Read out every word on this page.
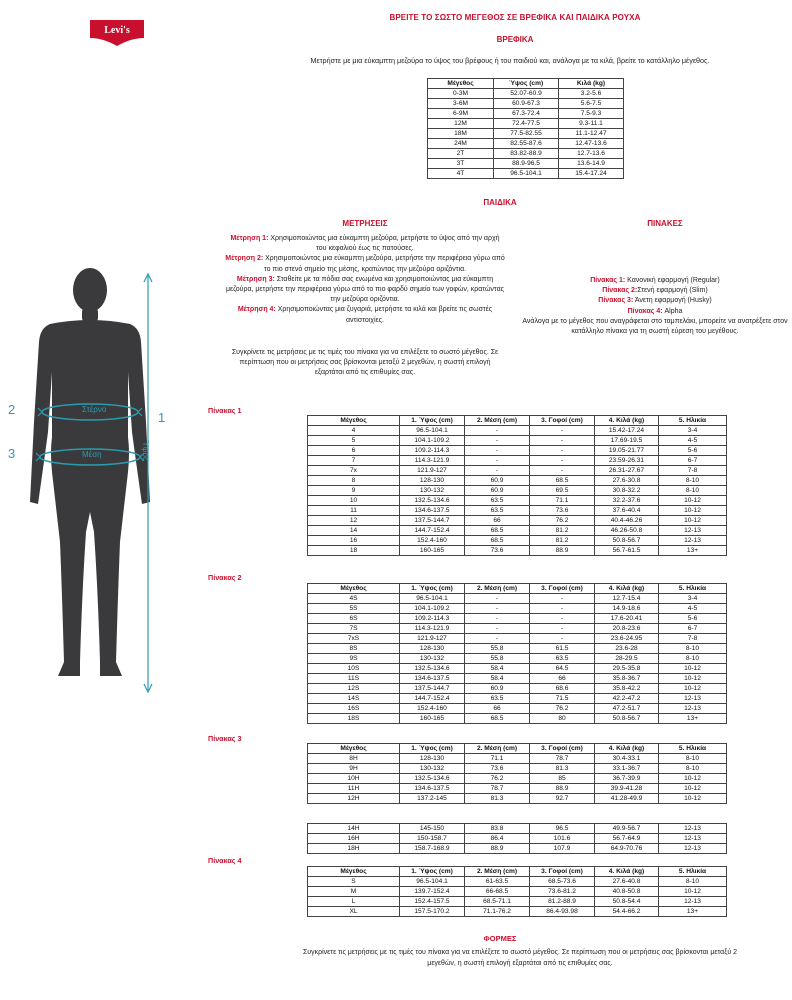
Levi's
ΒΡΕΙΤΕ ΤΟ ΣΩΣΤΟ ΜΕΓΕΘΟΣ ΣΕ ΒΡΕΦΙΚΑ ΚΑΙ ΠΑΙΔΙΚΑ ΡΟΥΧΑ
ΒΡΕΦΙΚΑ
Μετρήστε με μια εύκαμπτη μεζούρα το ύψος του βρέφους ή του παιδιού και, ανάλογα με τα κιλά, βρείτε το κατάλληλο μέγεθος.
Μέγεθος	Ύψος (cm)	Κιλά (kg)
0-3M	52.07-60.9	3.2-5.6
3-6M	60.9-67.3	5.6-7.5
6-9M	67.3-72.4	7.5-9.3
12M	72.4-77.5	9.3-11.1
18M	77.5-82.55	11.1-12.47
24M	82.55-87.6	12.47-13.6
2T	83.82-88.9	12.7-13.6
3T	88.9-96.5	13.6-14.9
4T	96.5-104.1	15.4-17.24
ΠΑΙΔΙΚΑ
ΜΕΤΡΗΣΕΙΣ	ΠΙΝΑΚΕΣ

Μέτρηση 1: Χρησιμοποιώντας μια εύκαμπτη μεζούρα, μετρήστε το ύψος από την αρχή του κεφαλιού έως τις πατούσες.

Μέτρηση 2: Χρησιμοποιώντας μια εύκαμπτη μεζούρα, μετρήστε την περιφέρεια γύρω από το πιο στενό σημείο της μέσης, κρατώντας την μεζούρα οριζόντια.

Μέτρηση 3: Σταθείτε με τα πόδια σας ενωμένα και χρησιμοποιώντας μια εύκαμπτη μεζούρα, μετρήστε την περιφέρεια γύρω από το πιο φαρδύ σημείο των γοφών, κρατώντας την μεζούρα οριζόντια.

Μέτρηση 4: Χρησιμοποιώντας μια ζυγαριά, μετρήστε τα κιλά και βρείτε τις σωστές αντιστοιχίες.

Συγκρίνετε τις μετρήσεις με τις τιμές του πίνακα για να επιλέξετε το σωστό μέγεθος. Σε περίπτωση που οι μετρήσεις σας βρίσκονται μεταξύ 2 μεγεθών, η σωστή επιλογή εξαρτάται από τις επιθυμίες σας.

Πίνακας 1: Κανονική εφαρμογή (Regular)

Πίνακας 2:Στενή εφαρμογή (Slim)

Πίνακας 3: Άνετη εφαρμογή (Husky)

Πίνακας 4: Alpha

Ανάλογα με το μέγεθος που αναγράφεται στο ταμπελάκι, μπορείτε να ανατρέξετε στον κατάλληλο πίνακα για τη σωστή εύρεση του μεγέθους.

2
3
Στέρνο
Μέση
1
Ύψος
Πίνακας 1
Πίνακας 2
Πίνακας 3
Πίνακας 4
Μέγεθος	1. Ύψος (cm)	2. Μέση (cm)	3. Γοφοί (cm)	4. Κιλά (kg)	5. Ηλικία
4	96.5-104.1	-	-	15.42-17.24	3-4
5	104.1-109.2	-	-	17.69-19.5	4-5
6	109.2-114.3	-	-	19.05-21.77	5-6
7	114.3-121.9	-	-	23.59-26.31	6-7
7x	121.9-127	-	-	26.31-27.67	7-8
8	128-130	60.9	68.5	27.6-30.8	8-10
9	130-132	60.9	69.5	30.8-32.2	8-10
10	132.5-134.6	63.5	71.1	32.2-37.6	10-12
11	134.6-137.5	63.5	73.6	37.6-40.4	10-12
12	137.5-144.7	66	76.2	40.4-46.26	10-12
14	144.7-152.4	68.5	81.2	46.26-50.8	12-13
16	152.4-160	68.5	81.2	50.8-56.7	12-13
18	160-165	73.6	88.9	56.7-61.5	13+
Μέγεθος	1. Ύψος (cm)	2. Μέση (cm)	3. Γοφοί (cm)	4. Κιλά (kg)	5. Ηλικία
4S	96.5-104.1	-	-	12.7-15.4	3-4
5S	104.1-109.2	-	-	14.9-18.6	4-5
6S	109.2-114.3	-	-	17.6-20.41	5-6
7S	114.3-121.9	-	-	20.8-23.6	6-7
7xS	121.9-127	-	-	23.6-24.95	7-8
8S	128-130	55.8	61.5	23.6-28	8-10
9S	130-132	55.8	63.5	28-29.5	8-10
10S	132.5-134.6	58.4	64.5	29.5-35.8	10-12
11S	134.6-137.5	58.4	66	35.8-36.7	10-12
12S	137.5-144.7	60.9	68.6	35.8-42.2	10-12
14S	144.7-152.4	63.5	71.5	42.2-47.2	12-13
16S	152.4-160	66	76.2	47.2-51.7	12-13
18S	160-165	68.5	80	50.8-56.7	13+
Μέγεθος	1. Ύψος (cm)	2. Μέση (cm)	3. Γοφοί (cm)	4. Κιλά (kg)	5. Ηλικία
8H	128-130	71.1	78.7	30.4-33.1	8-10
9H	130-132	73.6	81.3	33.1-36.7	8-10
10H	132.5-134.6	76.2	85	36.7-39.9	10-12
11H	134.6-137.5	78.7	88.9	39.9-41.28	10-12
12H	137.2-145	81.3	92.7	41.28-49.9	10-12
14H	145-150	83.8	96.5	49.9-56.7	12-13
16H	150-158.7	86.4	101.6	56.7-64.9	12-13
18H	158.7-168.9	88.9	107.9	64.9-70.76	12-13
Μέγεθος	1. Ύψος (cm)	2. Μέση (cm)	3. Γοφοί (cm)	4. Κιλά (kg)	5. Ηλικία
S	96.5-104.1	61-63.5	68.5-73.6	27.6-40.8	8-10
M	139.7-152.4	66-68.5	73.6-81.2	40.8-50.8	10-12
L	152.4-157.5	68.5-71.1	81.2-88.9	50.8-54.4	12-13
XL	157.5-170.2	71.1-76.2	86.4-93.98	54.4-66.2	13+
ΦΟΡΜΕΣ
Συγκρίνετε τις μετρήσεις με τις τιμές του πίνακα για να επιλέξετε το σωστό μέγεθος. Σε περίπτωση που οι μετρήσεις σας βρίσκονται μεταξύ 2 μεγεθών, η σωστή επιλογή εξαρτάται από τις επιθυμίες σας.
